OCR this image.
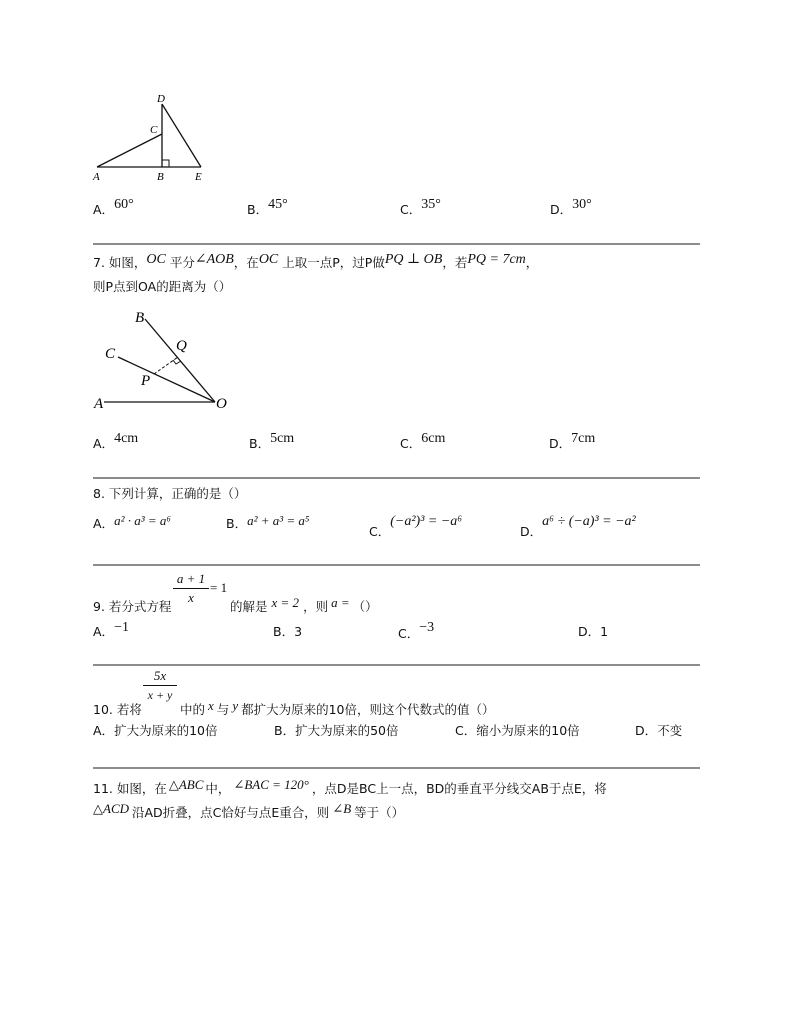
D
C
A	B	E
A．60°	B．45°	C．35°	D．30°
7. 如图，OC 平分∠AOB，在OC 上取一点P，过P做PQ ⊥ OB，若PQ = 7cm，
则P点到OA的距离为（）
B
C	Q
P
A	O
A．4cm	B．5cm	C．6cm	D．7cm
8. 下列计算，正确的是（）
A．a² · a³ = a⁶	B．a² + a³ = a⁵
C．(−a²)³ = −a⁶
D．a⁶ ÷ (−a)³ = −a²
9. 若分式方程
a + 1
x
= 1
的解是 x = 2 ，则 a = （）
A．−1	B．3	C．−3	D．1
5x
x + y
10. 若将	中的 x 与 y 都扩大为原来的10倍，则这个代数式的值（）
A．扩大为原来的10倍	B．扩大为原来的50倍	C．缩小为原来的10倍	D．不变
11. 如图，在 △ABC 中， ∠BAC = 120° ，点D是BC上一点，BD的垂直平分线交AB于点E，将
△ACD 沿AD折叠，点C恰好与点E重合，则 ∠B 等于（）
